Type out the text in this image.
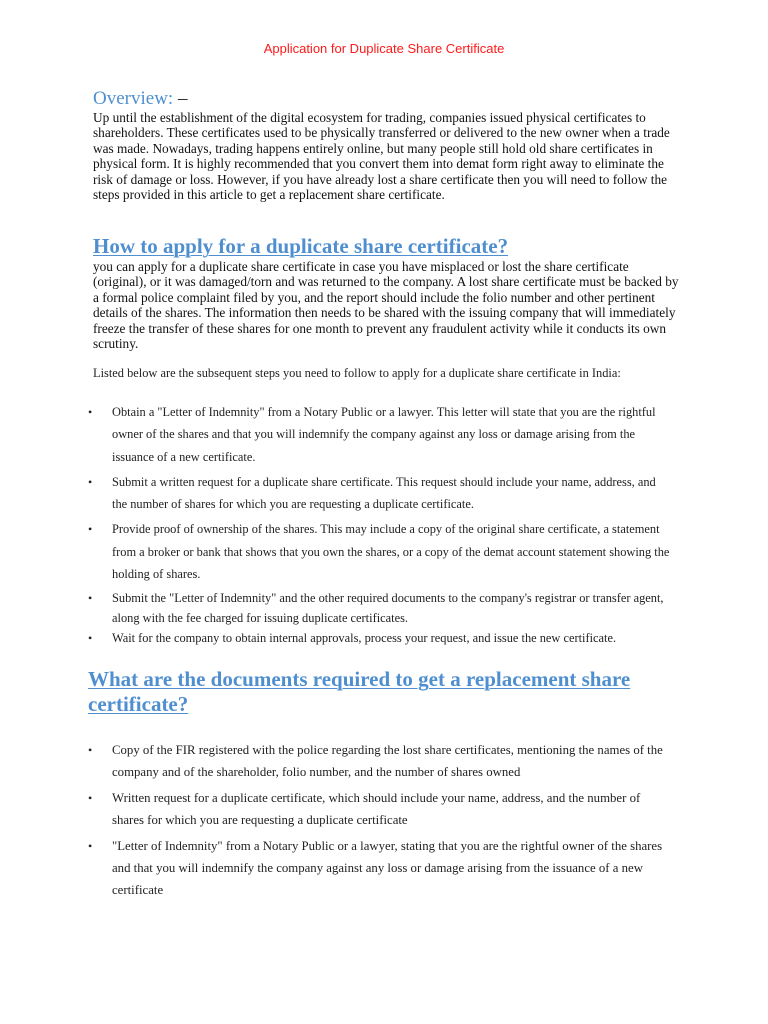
Application for Duplicate Share Certificate
Overview: –

Up until the establishment of the digital ecosystem for trading, companies issued physical certificates to shareholders. These certificates used to be physically transferred or delivered to the new owner when a trade was made. Nowadays, trading happens entirely online, but many people still hold old share certificates in physical form. It is highly recommended that you convert them into demat form right away to eliminate the risk of damage or loss. However, if you have already lost a share certificate then you will need to follow the steps provided in this article to get a replacement share certificate.

How to apply for a duplicate share certificate?

you can apply for a duplicate share certificate in case you have misplaced or lost the share certificate (original), or it was damaged/torn and was returned to the company. A lost share certificate must be backed by a formal police complaint filed by you, and the report should include the folio number and other pertinent details of the shares. The information then needs to be shared with the issuing company that will immediately freeze the transfer of these shares for one month to prevent any fraudulent activity while it conducts its own scrutiny.

Listed below are the subsequent steps you need to follow to apply for a duplicate share certificate in India:

• Obtain a "Letter of Indemnity" from a Notary Public or a lawyer. This letter will state that you are the rightful owner of the shares and that you will indemnify the company against any loss or damage arising from the issuance of a new certificate.
• Submit a written request for a duplicate share certificate. This request should include your name, address, and the number of shares for which you are requesting a duplicate certificate.
• Provide proof of ownership of the shares. This may include a copy of the original share certificate, a statement from a broker or bank that shows that you own the shares, or a copy of the demat account statement showing the holding of shares.
• Submit the "Letter of Indemnity" and the other required documents to the company's registrar or transfer agent, along with the fee charged for issuing duplicate certificates.
• Wait for the company to obtain internal approvals, process your request, and issue the new certificate.
What are the documents required to get a replacement share certificate?
• Copy of the FIR registered with the police regarding the lost share certificates, mentioning the names of the company and of the shareholder, folio number, and the number of shares owned
• Written request for a duplicate certificate, which should include your name, address, and the number of shares for which you are requesting a duplicate certificate
• "Letter of Indemnity" from a Notary Public or a lawyer, stating that you are the rightful owner of the shares and that you will indemnify the company against any loss or damage arising from the issuance of a new certificate
